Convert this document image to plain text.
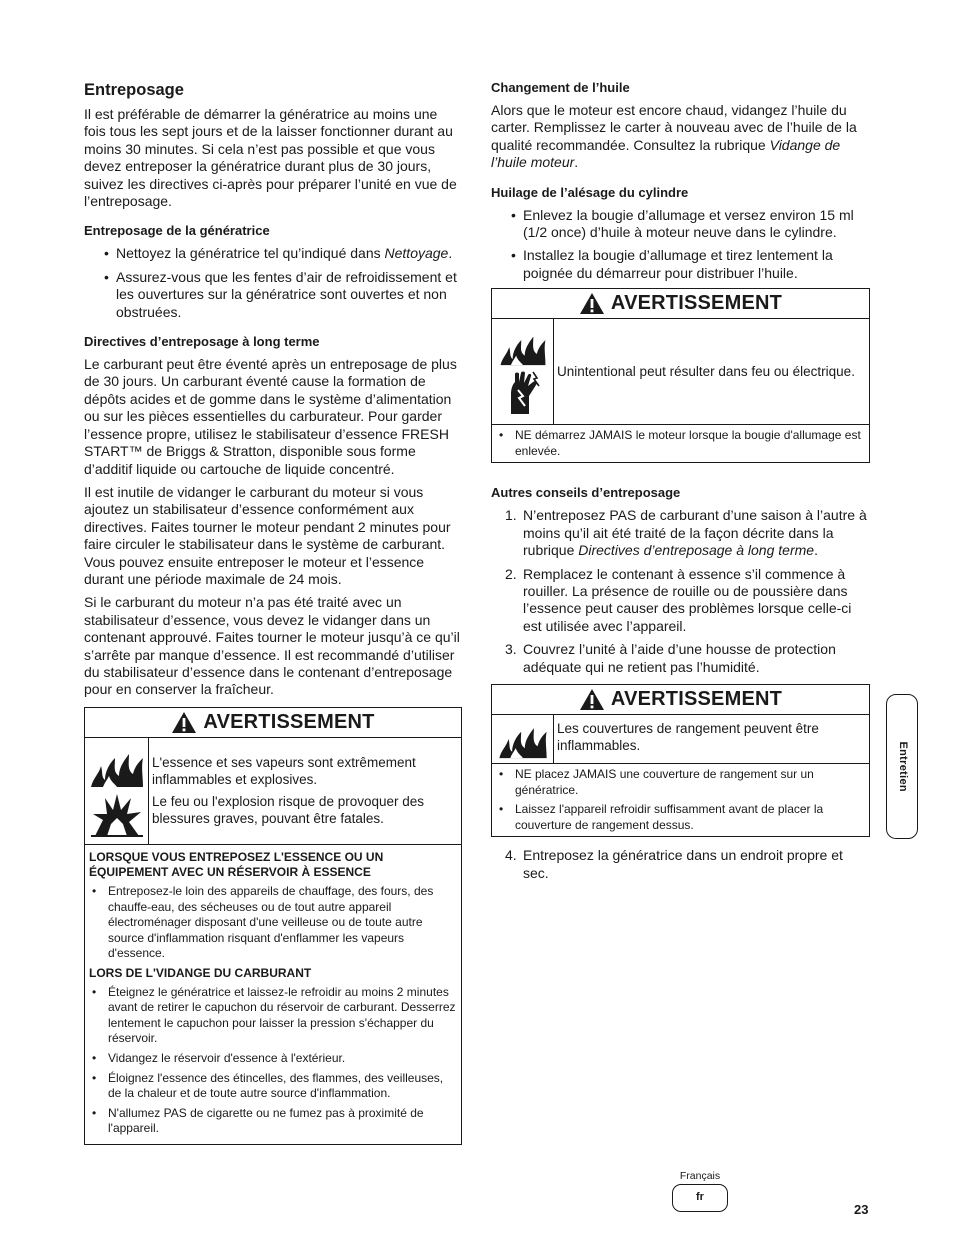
Entreposage

Il est préférable de démarrer la génératrice au moins une fois tous les sept jours et de la laisser fonctionner durant au moins 30 minutes. Si cela n’est pas possible et que vous devez entreposer la génératrice durant plus de 30 jours, suivez les directives ci-après pour préparer l’unité en vue de l’entreposage.

Entreposage de la génératrice
• Nettoyez la génératrice tel qu’indiqué dans Nettoyage.
• Assurez-vous que les fentes d’air de refroidissement et les ouvertures sur la génératrice sont ouvertes et non obstruées.
Directives d’entreposage à long terme

Le carburant peut être éventé après un entreposage de plus de 30 jours. Un carburant éventé cause la formation de dépôts acides et de gomme dans le système d’alimentation ou sur les pièces essentielles du carburateur. Pour garder l’essence propre, utilisez le stabilisateur d’essence FRESH START™ de Briggs & Stratton, disponible sous forme d’additif liquide ou cartouche de liquide concentré.

Il est inutile de vidanger le carburant du moteur si vous ajoutez un stabilisateur d’essence conformément aux directives. Faites tourner le moteur pendant 2 minutes pour faire circuler le stabilisateur dans le système de carburant. Vous pouvez ensuite entreposer le moteur et l’essence durant une période maximale de 24 mois.

Si le carburant du moteur n’a pas été traité avec un stabilisateur d’essence, vous devez le vidanger dans un contenant approuvé. Faites tourner le moteur jusqu’à ce qu’il s’arrête par manque d’essence. Il est recommandé d’utiliser du stabilisateur d’essence dans le contenant d’entreposage pour en conserver la fraîcheur.

AVERTISSEMENT

L'essence et ses vapeurs sont extrêmement inflammables et explosives.

Le feu ou l'explosion risque de provoquer des blessures graves, pouvant être fatales.

LORSQUE VOUS ENTREPOSEZ L'ESSENCE OU UN ÉQUIPEMENT AVEC UN RÉSERVOIR À ESSENCE
• Entreposez-le loin des appareils de chauffage, des fours, des chauffe-eau, des sécheuses ou de tout autre appareil électroménager disposant d'une veilleuse ou de toute autre source d'inflammation risquant d'enflammer les vapeurs d'essence.
LORS DE L'VIDANGE DU CARBURANT
• Éteignez le génératrice et laissez-le refroidir au moins 2 minutes avant de retirer le capuchon du réservoir de carburant. Desserrez lentement le capuchon pour laisser la pression s'échapper du réservoir.
• Vidangez le réservoir d'essence à l'extérieur.
• Éloignez l'essence des étincelles, des flammes, des veilleuses, de la chaleur et de toute autre source d'inflammation.
• N'allumez PAS de cigarette ou ne fumez pas à proximité de l'appareil.
Changement de l’huile

Alors que le moteur est encore chaud, vidangez l’huile du carter. Remplissez le carter à nouveau avec de l’huile de la qualité recommandée. Consultez la rubrique Vidange de l’huile moteur.

Huilage de l’alésage du cylindre
• Enlevez la bougie d’allumage et versez environ 15 ml (1/2 once) d’huile à moteur neuve dans le cylindre.
• Installez la bougie d’allumage et tirez lentement la poignée du démarreur pour distribuer l’huile.
AVERTISSEMENT

Unintentional peut résulter dans feu ou électrique.

• NE démarrez JAMAIS le moteur lorsque la bougie d'allumage est enlevée.
Autres conseils d’entreposage
1. N’entreposez PAS de carburant d’une saison à l’autre à moins qu’il ait été traité de la façon décrite dans la rubrique Directives d’entreposage à long terme.
2. Remplacez le contenant à essence s’il commence à rouiller. La présence de rouille ou de poussière dans l’essence peut causer des problèmes lorsque celle-ci est utilisée avec l’appareil.
3. Couvrez l’unité à l’aide d’une housse de protection adéquate qui ne retient pas l’humidité.
AVERTISSEMENT

Les couvertures de rangement peuvent être inflammables.

• NE placez JAMAIS une couverture de rangement sur un génératrice.
• Laissez l'appareil refroidir suffisamment avant de placer la couverture de rangement dessus.
4. Entreposez la génératrice dans un endroit propre et sec.
Entretien
Français
fr
23
